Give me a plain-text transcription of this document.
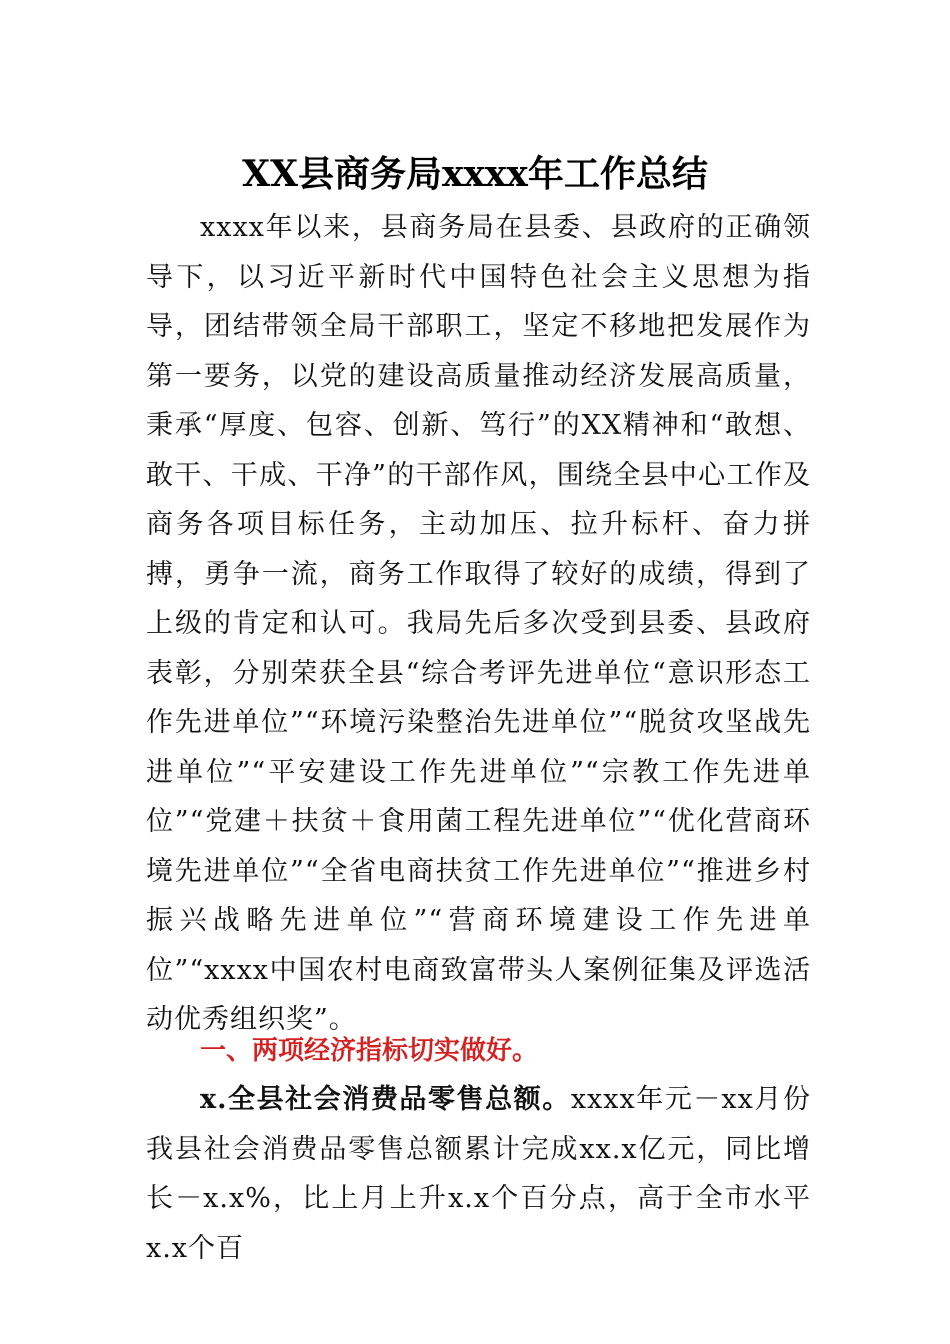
XX县商务局xxxx年工作总结

xxxx年以来，县商务局在县委、县政府的正确领导下，以习近平新时代中国特色社会主义思想为指导，团结带领全局干部职工，坚定不移地把发展作为第一要务，以党的建设高质量推动经济发展高质量，秉承“厚度、包容、创新、笃行”的XX精神和“敢想、敢干、干成、干净”的干部作风，围绕全县中心工作及商务各项目标任务，主动加压、拉升标杆、奋力拼搏，勇争一流，商务工作取得了较好的成绩，得到了上级的肯定和认可。我局先后多次受到县委、县政府表彰，分别荣获全县“综合考评先进单位“意识形态工作先进单位”“环境污染整治先进单位”“脱贫攻坚战先进单位”“平安建设工作先进单位”“宗教工作先进单位”“党建＋扶贫＋食用菌工程先进单位”“优化营商环境先进单位”“全省电商扶贫工作先进单位”“推进乡村振兴战略先进单位”“营商环境建设工作先进单位”“xxxx中国农村电商致富带头人案例征集及评选活动优秀组织奖”。

一、两项经济指标切实做好。

x.全县社会消费品零售总额。xxxx年元－xx月份我县社会消费品零售总额累计完成xx.x亿元，同比增长－x.x%，比上月上升x.x个百分点，高于全市水平x.x个百
